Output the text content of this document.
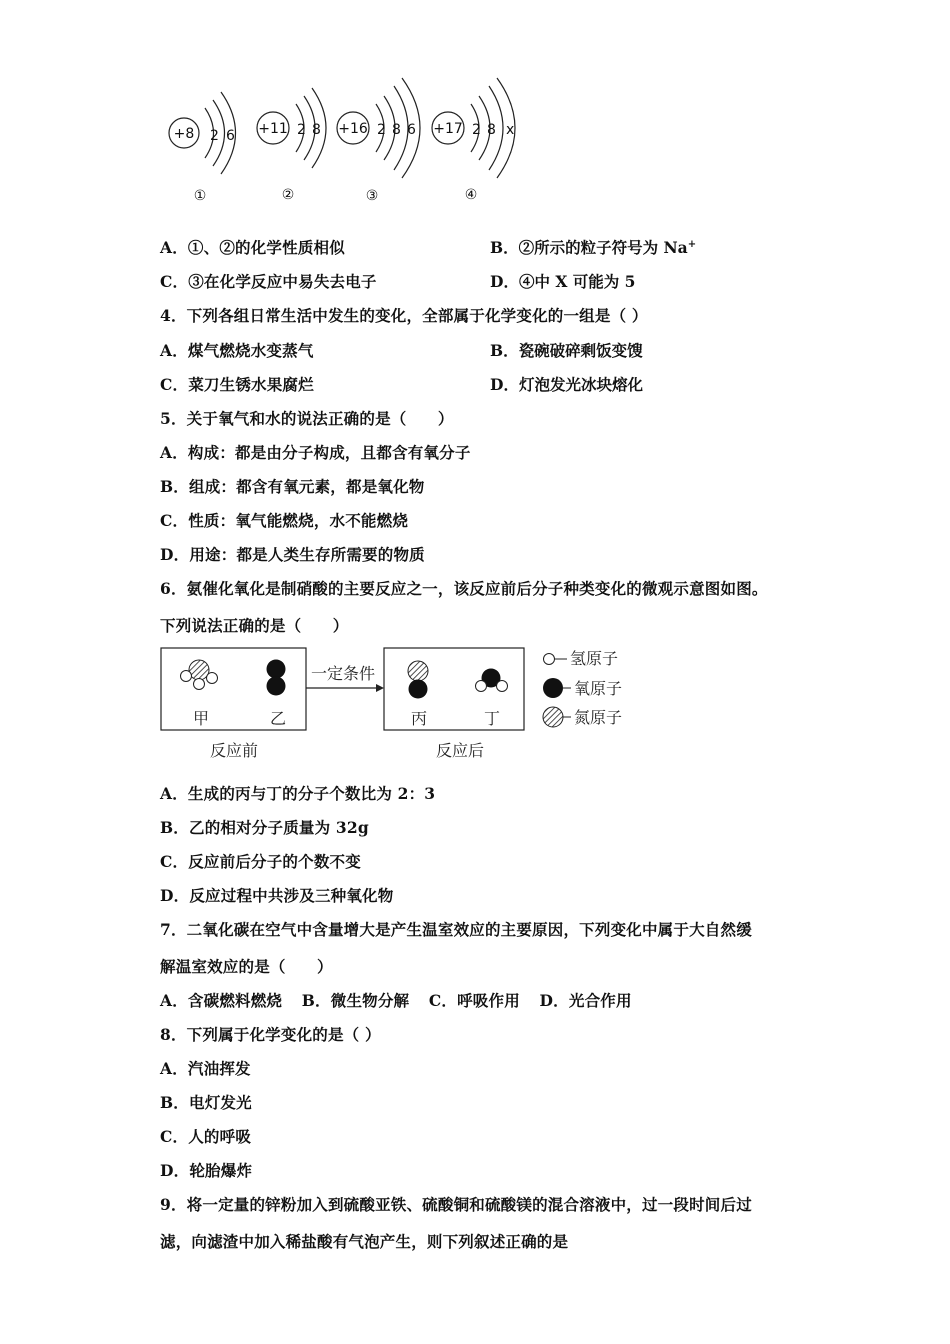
+8 2 6
①
+11 2 8
②
+16 2 8 6
③
+17 2 8 x
④
A．①、②的化学性质相似	B．②所示的粒子符号为 Na+
C．③在化学反应中易失去电子	D．④中 X 可能为 5
4．下列各组日常生活中发生的变化，全部属于化学变化的一组是（ ）
A．煤气燃烧水变蒸气	B．瓷碗破碎剩饭变馊
C．菜刀生锈水果腐烂	D．灯泡发光冰块熔化
5．关于氧气和水的说法正确的是（　　）
A．构成：都是由分子构成，且都含有氧分子
B．组成：都含有氧元素，都是氧化物
C．性质：氧气能燃烧，水不能燃烧
D．用途：都是人类生存所需要的物质
6．氨催化氧化是制硝酸的主要反应之一，该反应前后分子种类变化的微观示意图如图。
下列说法正确的是（　　）
甲	乙	丙	丁
一定条件
反应前	反应后
氢原子
氧原子
氮原子
A．生成的丙与丁的分子个数比为 2：3
B．乙的相对分子质量为 32g
C．反应前后分子的个数不变
D．反应过程中共涉及三种氧化物
7．二氧化碳在空气中含量增大是产生温室效应的主要原因，下列变化中属于大自然缓
解温室效应的是（　　）
A．含碳燃料燃烧 B．微生物分解 C．呼吸作用 D．光合作用
8．下列属于化学变化的是（ ）
A．汽油挥发
B．电灯发光
C．人的呼吸
D．轮胎爆炸
9．将一定量的锌粉加入到硫酸亚铁、硫酸铜和硫酸镁的混合溶液中，过一段时间后过
滤，向滤渣中加入稀盐酸有气泡产生，则下列叙述正确的是
